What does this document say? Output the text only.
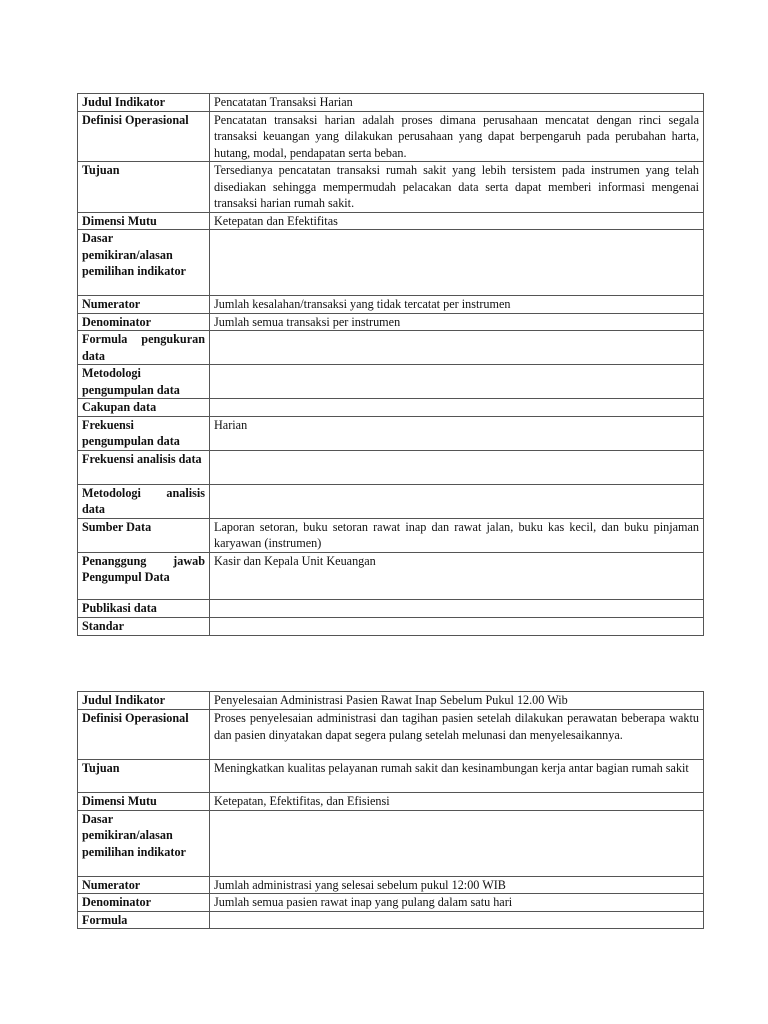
Judul Indikator	Pencatatan Transaksi Harian
Definisi Operasional	Pencatatan transaksi harian adalah proses dimana perusahaan mencatat dengan rinci segala transaksi keuangan yang dilakukan perusahaan yang dapat berpengaruh pada perubahan harta, hutang, modal, pendapatan serta beban.
Tujuan	Tersedianya pencatatan transaksi rumah sakit yang lebih tersistem pada instrumen yang telah disediakan sehingga mempermudah pelacakan data serta dapat memberi informasi mengenai transaksi harian rumah sakit.
Dimensi Mutu	Ketepatan dan Efektifitas
Dasar pemikiran/alasan pemilihan indikator	
Numerator	Jumlah kesalahan/transaksi yang tidak tercatat per instrumen
Denominator	Jumlah semua transaksi per instrumen
Formula pengukuran data	
Metodologi pengumpulan data	
Cakupan data	
Frekuensi pengumpulan data	Harian
Frekuensi analisis data	
Metodologi analisis data	
Sumber Data	Laporan setoran, buku setoran rawat inap dan rawat jalan, buku kas kecil, dan buku pinjaman karyawan (instrumen)
Penanggung jawab Pengumpul Data	Kasir dan Kepala Unit Keuangan
Publikasi data	
Standar	
Judul Indikator	Penyelesaian Administrasi Pasien Rawat Inap Sebelum Pukul 12.00 Wib
Definisi Operasional	Proses penyelesaian administrasi dan tagihan pasien setelah dilakukan perawatan beberapa waktu dan pasien dinyatakan dapat segera pulang setelah melunasi dan menyelesaikannya.
Tujuan	Meningkatkan kualitas pelayanan rumah sakit dan kesinambungan kerja antar bagian rumah sakit
Dimensi Mutu	Ketepatan, Efektifitas, dan Efisiensi
Dasar pemikiran/alasan pemilihan indikator	
Numerator	Jumlah administrasi yang selesai sebelum pukul 12:00 WIB
Denominator	Jumlah semua pasien rawat inap yang pulang dalam satu hari
Formula	
